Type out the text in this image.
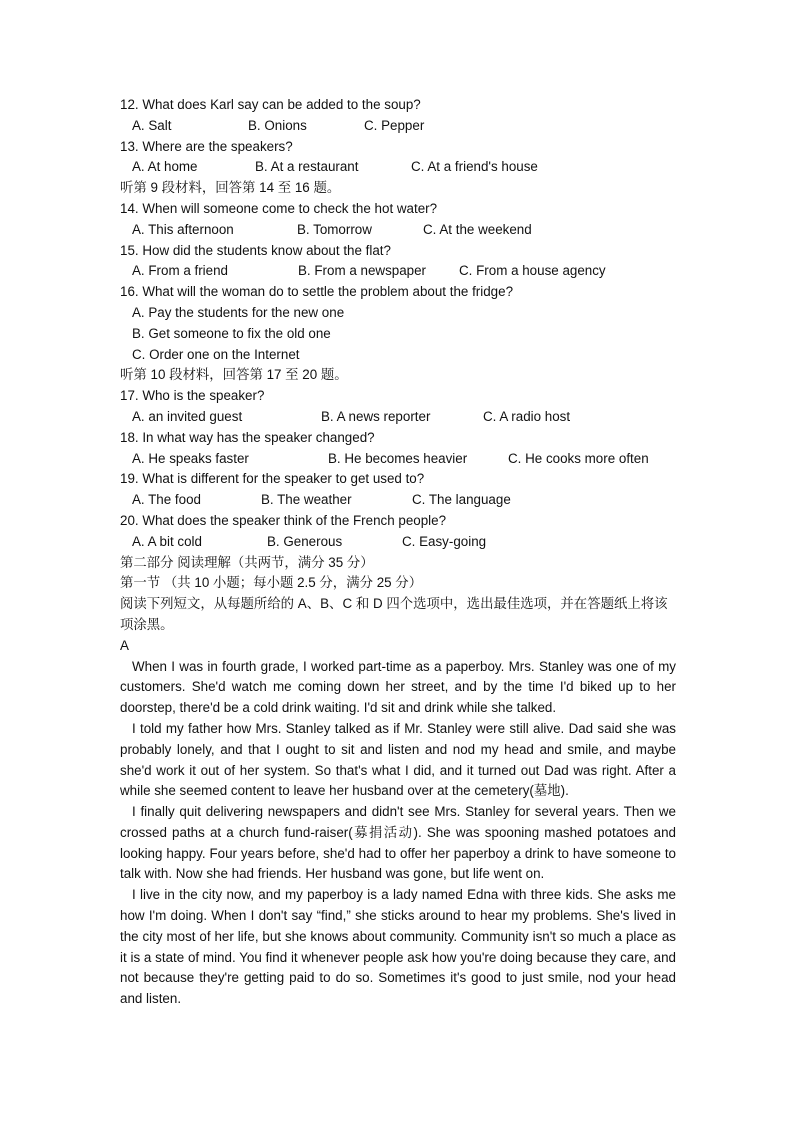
12. What does Karl say can be added to the soup?
A. Salt	B. Onions	C. Pepper
13. Where are the speakers?
A. At home	B. At a restaurant	C. At a friend's house
听第 9 段材料，回答第 14 至 16 题。
14. When will someone come to check the hot water?
A. This afternoon	B. Tomorrow	C. At the weekend
15. How did the students know about the flat?
A. From a friend	B. From a newspaper C. From a house agency
16. What will the woman do to settle the problem about the fridge?
A. Pay the students for the new one
B. Get someone to fix the old one
C. Order one on the Internet
听第 10 段材料，回答第 17 至 20 题。
17. Who is the speaker?
A. an invited guest	B. A news reporter	C. A radio host
18. In what way has the speaker changed?
A. He speaks faster	B. He becomes heavier	C. He cooks more often
19. What is different for the speaker to get used to?
A. The food	B. The weather	C. The language
20. What does the speaker think of the French people?
A. A bit cold	B. Generous	C. Easy-going
第二部分 阅读理解（共两节，满分 35 分）
第一节 （共 10 小题；每小题 2.5 分，满分 25 分）
阅读下列短文，从每题所给的 A、B、C 和 D 四个选项中，选出最佳选项，并在答题纸上将该项涂黑。
A

When I was in fourth grade, I worked part-time as a paperboy. Mrs. Stanley was one of my customers. She'd watch me coming down her street, and by the time I'd biked up to her doorstep, there'd be a cold drink waiting. I'd sit and drink while she talked.

I told my father how Mrs. Stanley talked as if Mr. Stanley were still alive. Dad said she was probably lonely, and that I ought to sit and listen and nod my head and smile, and maybe she'd work it out of her system. So that's what I did, and it turned out Dad was right. After a while she seemed content to leave her husband over at the cemetery(墓地).

I finally quit delivering newspapers and didn't see Mrs. Stanley for several years. Then we crossed paths at a church fund-raiser(募捐活动). She was spooning mashed potatoes and looking happy. Four years before, she'd had to offer her paperboy a drink to have someone to talk with. Now she had friends. Her husband was gone, but life went on.

I live in the city now, and my paperboy is a lady named Edna with three kids. She asks me how I'm doing. When I don't say “find,” she sticks around to hear my problems. She's lived in the city most of her life, but she knows about community. Community isn't so much a place as it is a state of mind. You find it whenever people ask how you're doing because they care, and not because they're getting paid to do so. Sometimes it's good to just smile, nod your head and listen.
